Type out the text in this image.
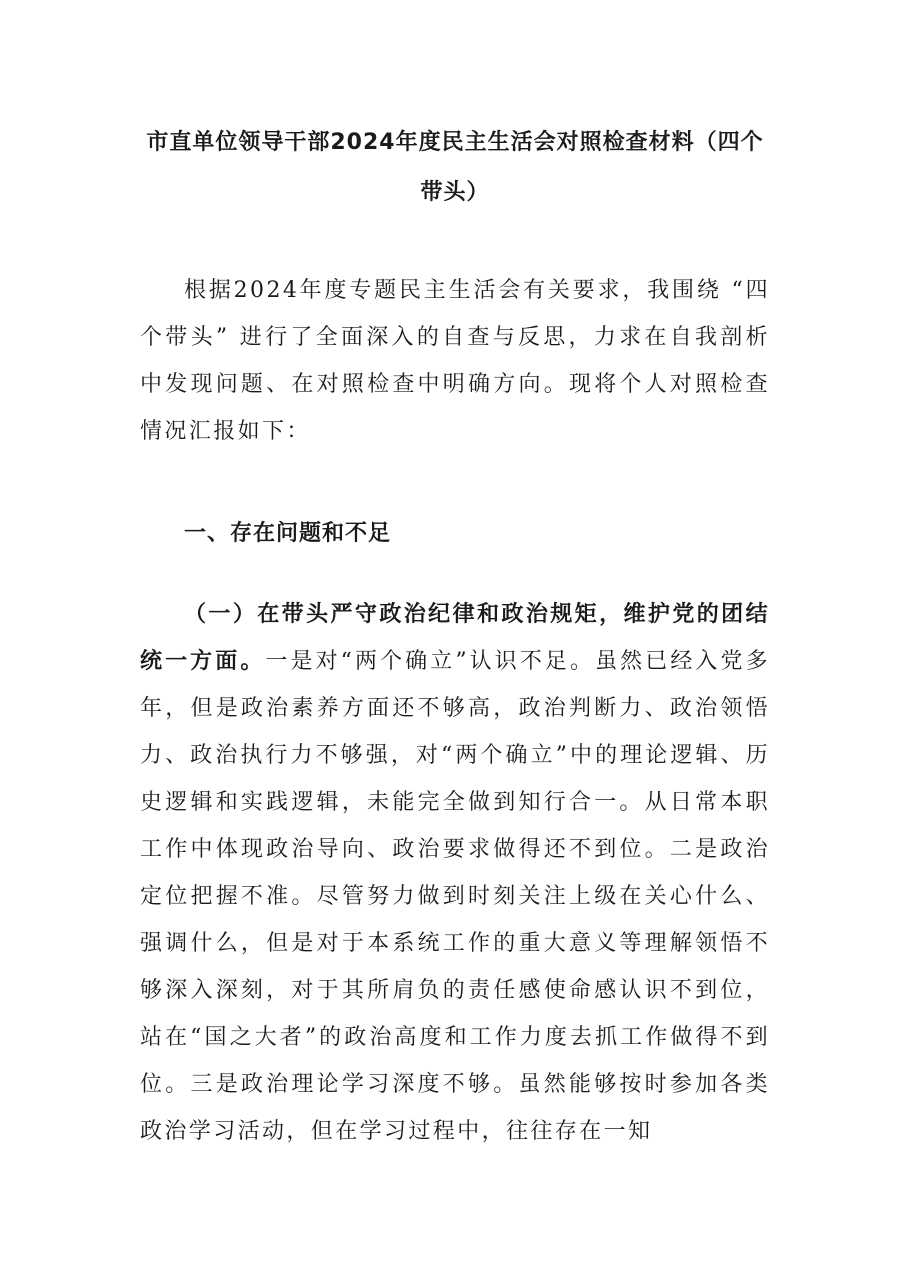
市直单位领导干部2024年度民主生活会对照检查材料（四个带头）

根据2024年度专题民主生活会有关要求，我围绕 “四个带头” 进行了全面深入的自查与反思，力求在自我剖析中发现问题、在对照检查中明确方向。现将个人对照检查情况汇报如下：

一、存在问题和不足

（一）在带头严守政治纪律和政治规矩，维护党的团结统一方面。一是对“两个确立”认识不足。虽然已经入党多年，但是政治素养方面还不够高，政治判断力、政治领悟力、政治执行力不够强，对“两个确立”中的理论逻辑、历史逻辑和实践逻辑，未能完全做到知行合一。从日常本职工作中体现政治导向、政治要求做得还不到位。二是政治定位把握不准。尽管努力做到时刻关注上级在关心什么、强调什么，但是对于本系统工作的重大意义等理解领悟不够深入深刻，对于其所肩负的责任感使命感认识不到位，站在“国之大者”的政治高度和工作力度去抓工作做得不到位。三是政治理论学习深度不够。虽然能够按时参加各类政治学习活动，但在学习过程中，往往存在一知
